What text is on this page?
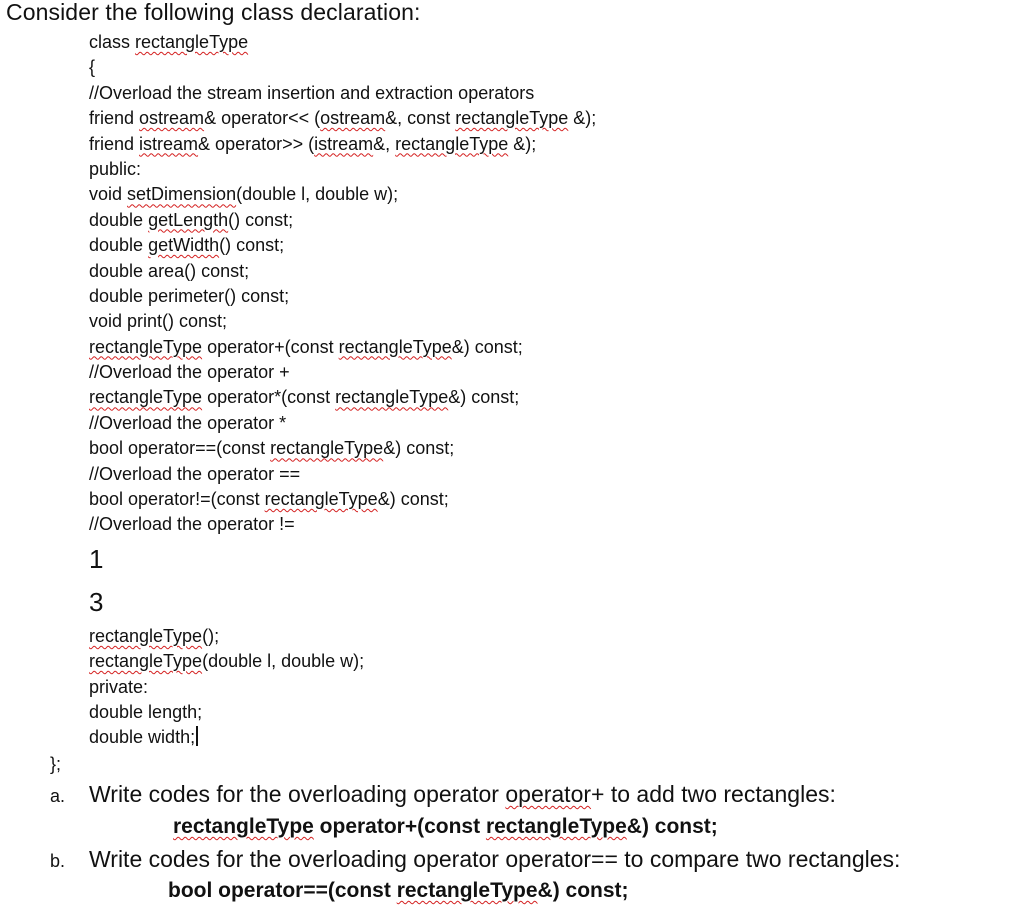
Consider the following class declaration:
class rectangleType
{
//Overload the stream insertion and extraction operators
friend ostream& operator<< (ostream&, const rectangleType &);
friend istream& operator>> (istream&, rectangleType &);
public:
void setDimension(double l, double w);
double getLength() const;
double getWidth() const;
double area() const;
double perimeter() const;
void print() const;
rectangleType operator+(const rectangleType&) const;
//Overload the operator +
rectangleType operator*(const rectangleType&) const;
//Overload the operator *
bool operator==(const rectangleType&) const;
//Overload the operator ==
bool operator!=(const rectangleType&) const;
//Overload the operator !=
1
3
rectangleType();
rectangleType(double l, double w);
private:
double length;
double width;
};
a. Write codes for the overloading operator operator+ to add two rectangles:
rectangleType operator+(const rectangleType&) const;
b. Write codes for the overloading operator operator== to compare two rectangles:
bool operator==(const rectangleType&) const;
